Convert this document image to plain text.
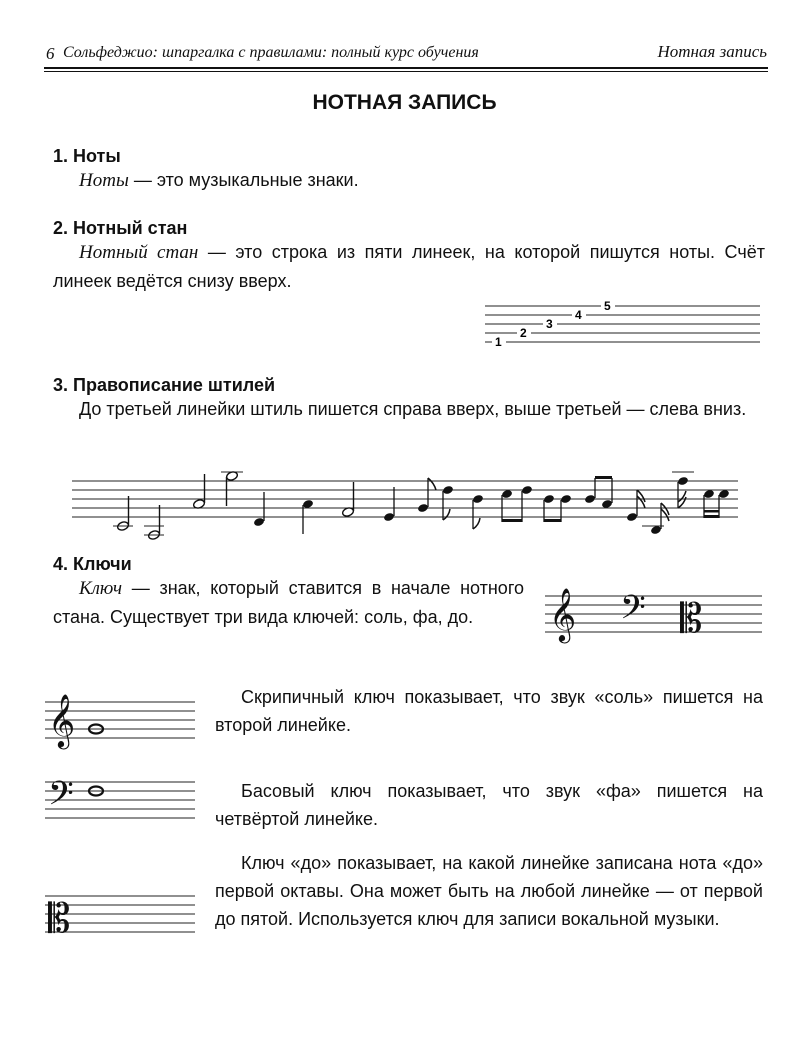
6 Сольфеджио: шпаргалка с правилами: полный курс обучения	Нотная запись
НОТНАЯ ЗАПИСЬ
1. Ноты
Ноты — это музыкальные знаки.
2. Нотный стан
Нотный стан — это строка из пяти линеек, на которой пишутся ноты. Счёт линеек ведётся снизу вверх.
1
2
3
4
5
3. Правописание штилей
До третьей линейки штиль пишется справа вверх, выше третьей — слева вниз.
4. Ключи
Ключ — знак, который ставится в начале нотного стана. Существует три вида ключей: соль, фа, до.	𝄞 𝄢 𝄡
𝄞	Скрипичный ключ показывает, что звук «соль» пишется на второй линейке.
𝄢	Басовый ключ показывает, что звук «фа» пишется на четвёртой линейке.
𝄡
Ключ «до» показывает, на какой линейке записана нота «до» первой октавы. Она может быть на любой линейке — от первой до пятой. Используется ключ для записи вокальной музыки.
